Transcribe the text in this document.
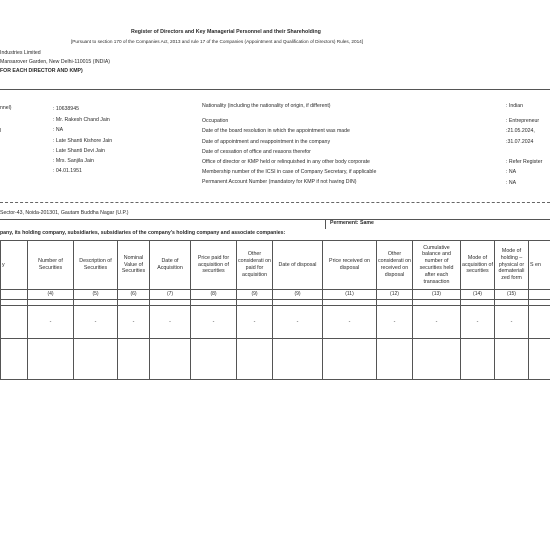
Register of Directors and Key Managerial Personnel and their Shareholding
[Pursuant to section 170 of the Companies Act, 2013 and rule 17 of the Companies (Appointment and Qualification of Directors) Rules, 2014]
Industries Limited
Mansarover Garden, New Delhi-110015 (INDIA)
FOR EACH DIRECTOR AND KMP)
nnel)
l
: 10638945
: Mr. Rakesh Chand Jain
: NA
: Late Shanti Kishore Jain
: Late Shanti Devi Jain
: Mrs. Sanjila Jain
: 04.01.1951
Nationality (including the nationality of origin, if different)	: Indian
Occupation	: Entrepreneur
Date of the board resolution in which the appointment was made	:21.05.2024,
Date of appointment and reappointment in the company	:31.07.2024
Date of cessation of office and reasons therefor
Office of director or KMP held or relinquished in any other body corporate	: Refer Register
Membership number of the ICSI in case of Company Secretary, if applicable	: NA
Permanent Account Number (mandatory for KMP if not having DIN)	: NA
Sector-43, Noida-201301, Gautam Buddha Nagar (U.P.)
Permenent: Same
pany, its holding company, subsidiaries, subsidiaries of the company's holding company and associate companies:
y	Number of Securities	Description of Securities	Nominal Value of Securities	Date of Acquisition	Price paid for acquisition of securities	Other considerati on paid for acquisition	Date of disposal	Price received on disposal	Other considerati on received on disposal	Cumulative balance and number of securities held after each transaction	Mode of acquisition of securities	Mode of holding – physical or demateriali zed form	S en
	(4)	(5)	(6)	(7)	(8)	(9)	(9)	(11)	(12)	(13)	(14)	(15)	

	-	-	-	-	-	-	-	-	-	-	-	-	
